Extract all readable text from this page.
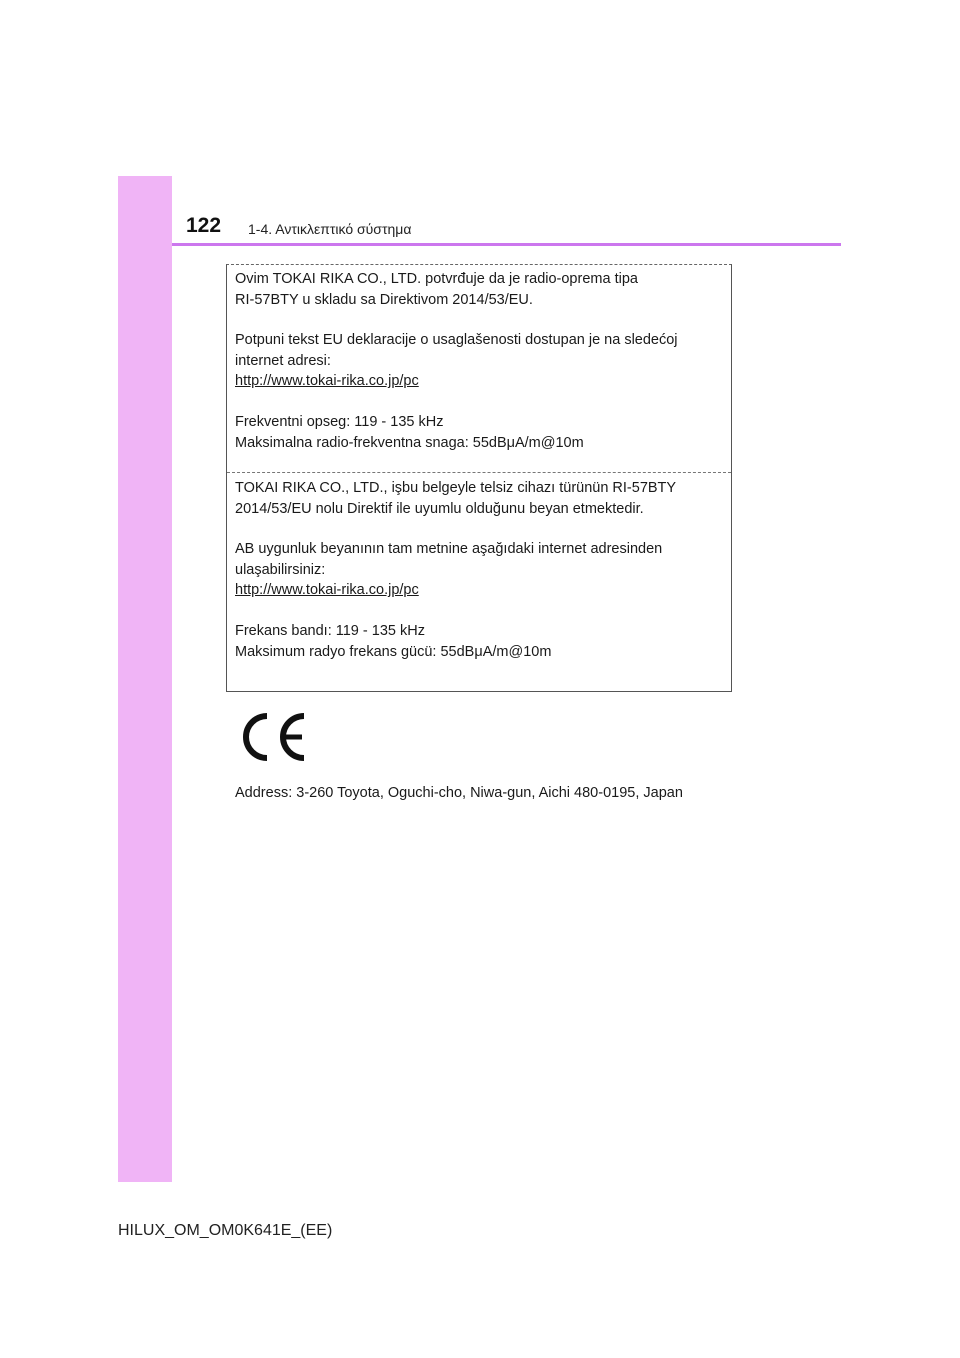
122 1-4. Αντικλεπτικό σύστημα

Ovim TOKAI RIKA CO., LTD. potvrđuje da je radio-oprema tipa

RI-57BTY u skladu sa Direktivom 2014/53/EU.

Potpuni tekst EU deklaracije o usaglašenosti dostupan je na sledećoj

internet adresi:

http://www.tokai-rika.co.jp/pc

Frekventni opseg: 119 - 135 kHz

Maksimalna radio-frekventna snaga: 55dBμA/m@10m

TOKAI RIKA CO., LTD., işbu belgeyle telsiz cihazı türünün RI-57BTY

2014/53/EU nolu Direktif ile uyumlu olduğunu beyan etmektedir.

AB uygunluk beyanının tam metnine aşağıdaki internet adresinden

ulaşabilirsiniz:

http://www.tokai-rika.co.jp/pc

Frekans bandı: 119 - 135 kHz

Maksimum radyo frekans gücü: 55dBμA/m@10m

Address: 3-260 Toyota, Oguchi-cho, Niwa-gun, Aichi 480-0195, Japan
HILUX_OM_OM0K641E_(EE)
